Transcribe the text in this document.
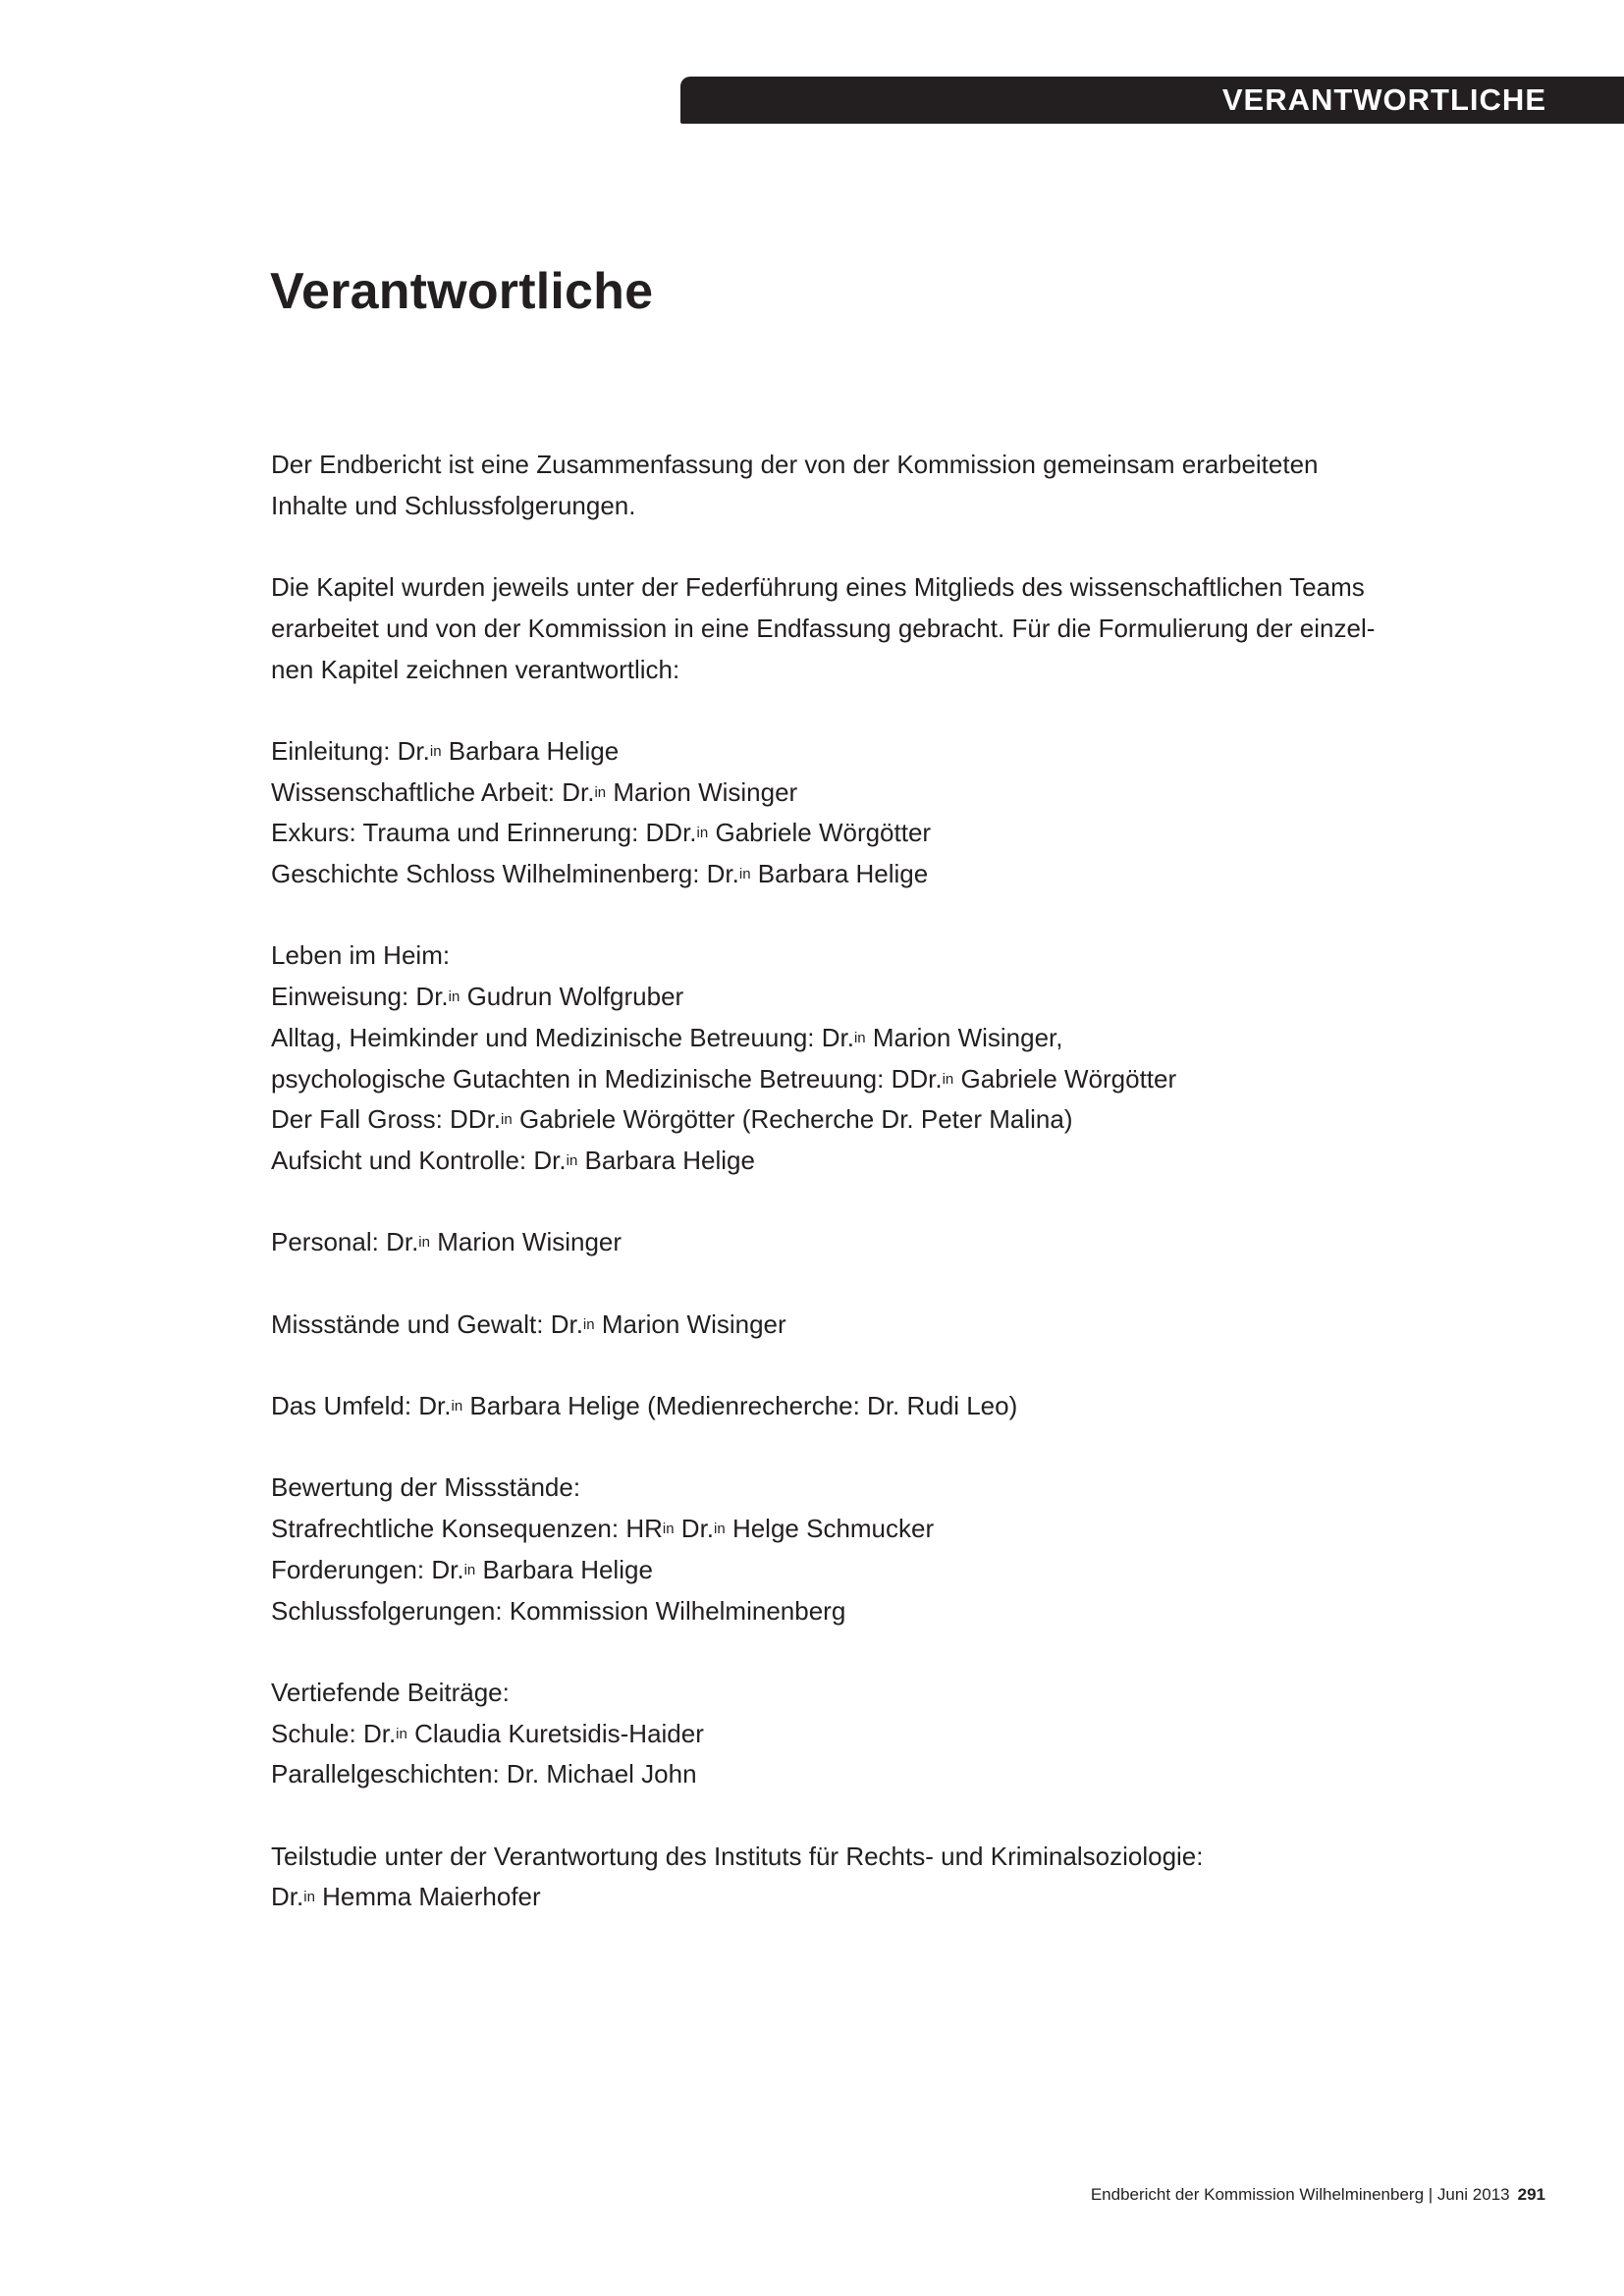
VERANTWORTLICHE
Verantwortliche

Der Endbericht ist eine Zusammenfassung der von der Kommission gemeinsam erarbeiteten
Inhalte und Schlussfolgerungen.

Die Kapitel wurden jeweils unter der Federführung eines Mitglieds des wissenschaftlichen Teams
erarbeitet und von der Kommission in eine Endfassung gebracht. Für die Formulierung der einzel-
nen Kapitel zeichnen verantwortlich:

Einleitung: Dr.$^{in}$ Barbara Helige
Wissenschaftliche Arbeit: Dr.$^{in}$ Marion Wisinger
Exkurs: Trauma und Erinnerung: DDr.$^{in}$ Gabriele Wörgötter
Geschichte Schloss Wilhelminenberg: Dr.$^{in}$ Barbara Helige

Leben im Heim:
Einweisung: Dr.$^{in}$ Gudrun Wolfgruber
Alltag, Heimkinder und Medizinische Betreuung: Dr.$^{in}$ Marion Wisinger,
psychologische Gutachten in Medizinische Betreuung: DDr.$^{in}$ Gabriele Wörgötter
Der Fall Gross: DDr.$^{in}$ Gabriele Wörgötter (Recherche Dr. Peter Malina)
Aufsicht und Kontrolle: Dr.$^{in}$ Barbara Helige

Personal: Dr.$^{in}$ Marion Wisinger

Missstände und Gewalt: Dr.$^{in}$ Marion Wisinger

Das Umfeld: Dr.$^{in}$ Barbara Helige (Medienrecherche: Dr. Rudi Leo)

Bewertung der Missstände:
Strafrechtliche Konsequenzen: $HR^{in}$ Dr.$^{in}$ Helge Schmucker
Forderungen: Dr.$^{in}$ Barbara Helige
Schlussfolgerungen: Kommission Wilhelminenberg

Vertiefende Beiträge:
Schule: Dr.$^{in}$ Claudia Kuretsidis-Haider
Parallelgeschichten: Dr. Michael John

Teilstudie unter der Verantwortung des Instituts für Rechts- und Kriminalsoziologie:
Dr.$^{in}$ Hemma Maierhofer

Endbericht der Kommission Wilhelminenberg | Juni 2013 291
